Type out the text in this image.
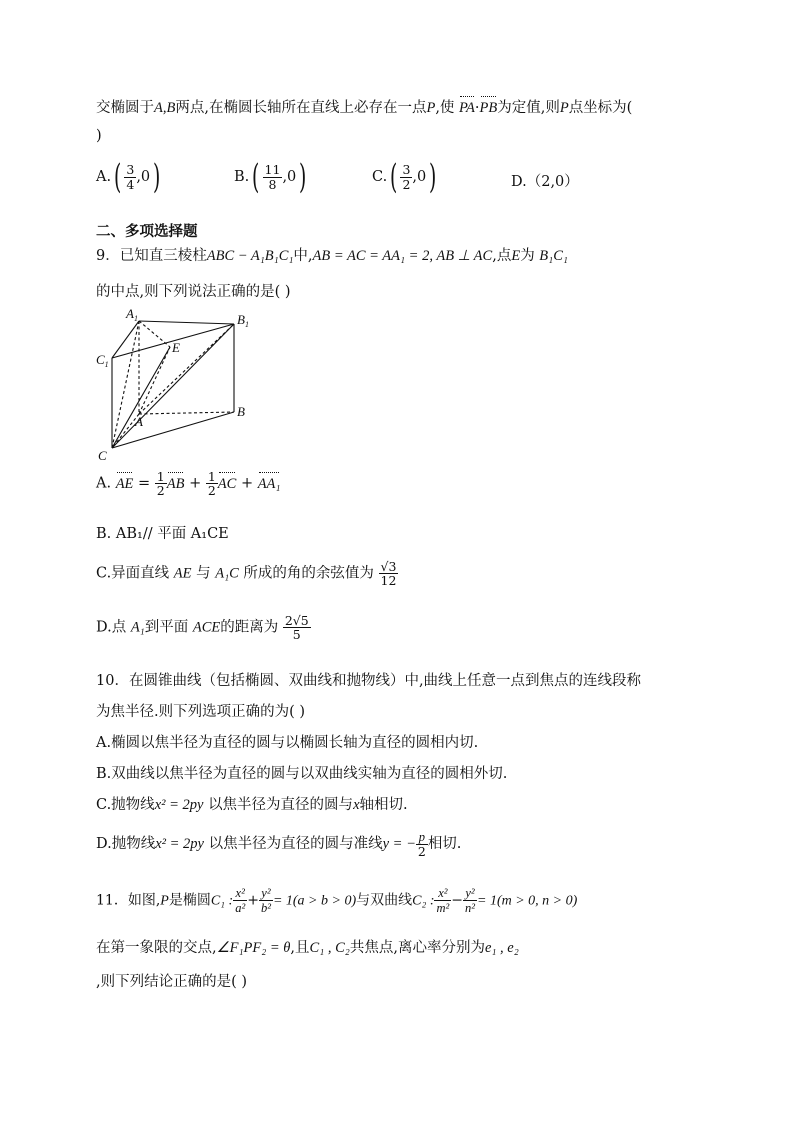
交椭圆于A,B两点,在椭圆长轴所在直线上必存在一点P,使 PA·PB为定值,则P点坐标为(
)
$A.( \frac{3}{4} ,0)$	$B.( \frac{11}{8} ,0)$	$C.( \frac{3}{2} ,0)$	D.（2,0）
二、多项选择题
9．已知直三棱柱ABC − A₁B₁C₁中,AB = AC = AA₁ = 2, AB ⊥ AC,点E为 B₁C₁
的中点,则下列说法正确的是( )
$A_1$	$B_1$
$C_1$
E
A
B
C
A. AE = $\frac{1}{2}$ AB + $\frac{1}{2}$ AC + AA₁
B. AB₁// 平面 A₁CE
C.异面直线 AE 与 A₁C 所成的角的余弦值为 $\frac{√3}{12}$
D.点 A₁到平面 ACE的距离为 $\frac{2√5}{5}$
10．在圆锥曲线（包括椭圆、双曲线和抛物线）中,曲线上任意一点到焦点的连线段称
为焦半径.则下列选项正确的为( )
A.椭圆以焦半径为直径的圆与以椭圆长轴为直径的圆相内切.
B.双曲线以焦半径为直径的圆与以双曲线实轴为直径的圆相外切.
C.抛物线x² = 2py 以焦半径为直径的圆与x轴相切.
D.抛物线x² = 2py 以焦半径为直径的圆与准线y = − $\frac{p}{2}$ 相切.
11．如图,P是椭圆C₁ : $\frac{\text{x²}}{\text{a²}} + \frac{\text{y²}}{\text{b²}} = 1(a > b > 0)$与双曲线C₂ : $\frac{\text{x²}}{\text{m²}} - \frac{\text{y²}}{\text{n²}} = 1(m > 0$, n > 0)
在第一象限的交点,∠F₁PF₂ = θ,且C₁ , C₂共焦点,离心率分别为e₁ , e₂
,则下列结论正确的是( )
